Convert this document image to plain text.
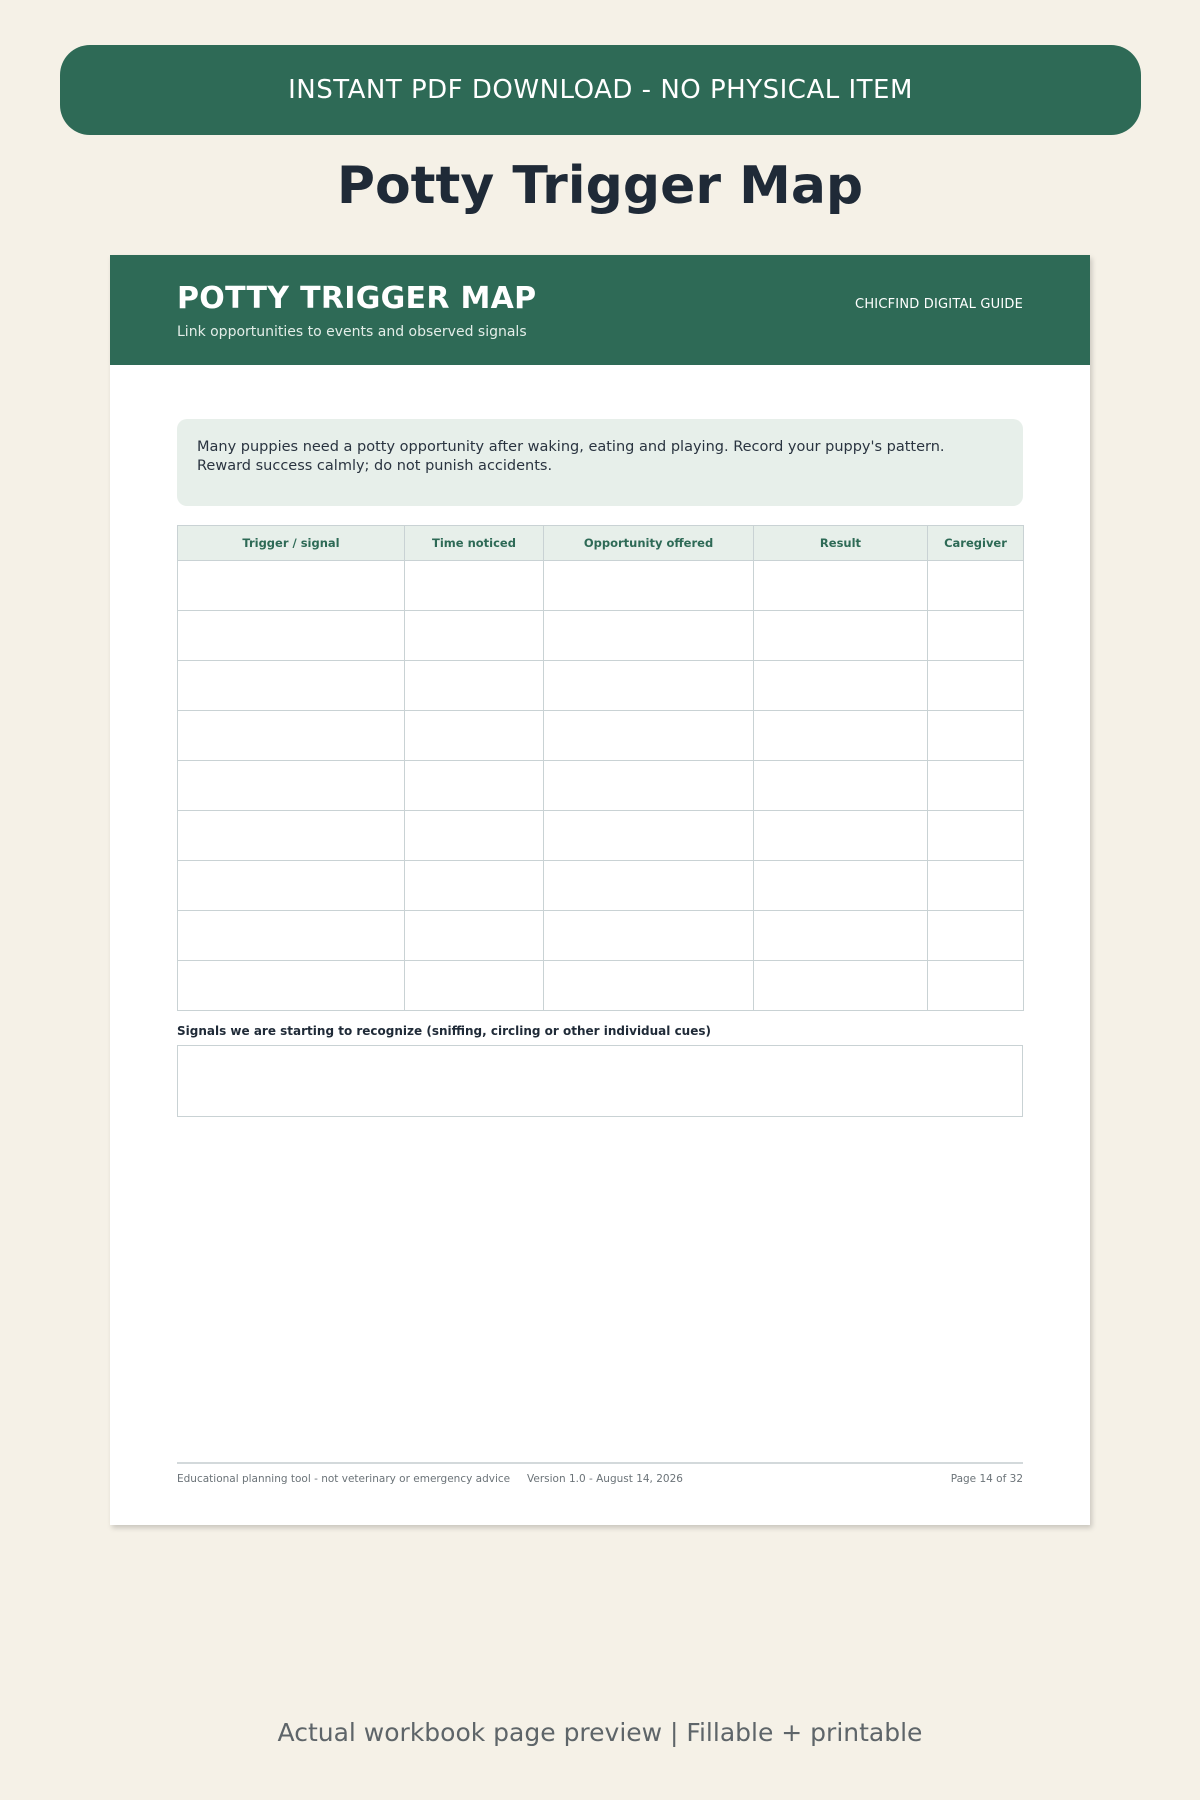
INSTANT PDF DOWNLOAD - NO PHYSICAL ITEM
Potty Trigger Map
POTTY TRIGGER MAP
Link opportunities to events and observed signals
CHICFIND DIGITAL GUIDE
Many puppies need a potty opportunity after waking, eating and playing. Record your puppy's pattern. Reward success calmly; do not punish accidents.
Trigger / signal	Time noticed	Opportunity offered	Result	Caregiver

Signals we are starting to recognize (sniffing, circling or other individual cues)
Educational planning tool - not veterinary or emergency advice Version 1.0 - August 14, 2026	Page 14 of 32
Actual workbook page preview | Fillable + printable
